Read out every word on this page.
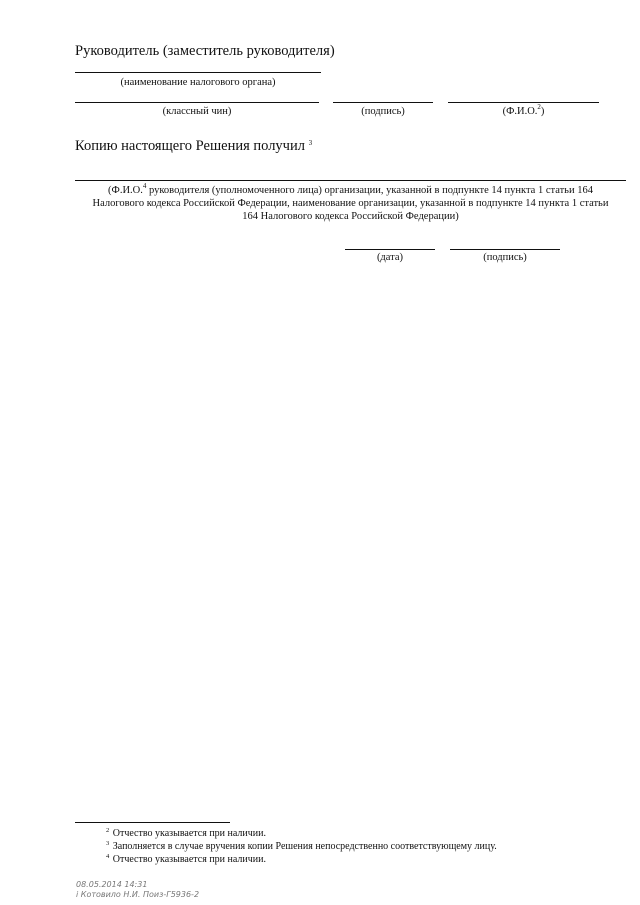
Руководитель (заместитель руководителя)
(наименование налогового органа)
(классный чин)	(подпись)	(Ф.И.О.$^2$)
Копию настоящего Решения получил $^3$
(Ф.И.О.$^4$ руководителя (уполномоченного лица) организации, указанной в подпункте 14 пункта 1 статьи 164 Налогового кодекса Российской Федерации, наименование организации, указанной в подпункте 14 пункта 1 статьи 164 Налогового кодекса Российской Федерации)
(дата)	(подпись)
$^2$ Отчество указывается при наличии.
$^3$ Заполняется в случае вручения копии Решения непосредственно соответствующему лицу.
$^4$ Отчество указывается при наличии.
08.05.2014 14:31
і Котовило Н.И. Поиз-Г5936-2
